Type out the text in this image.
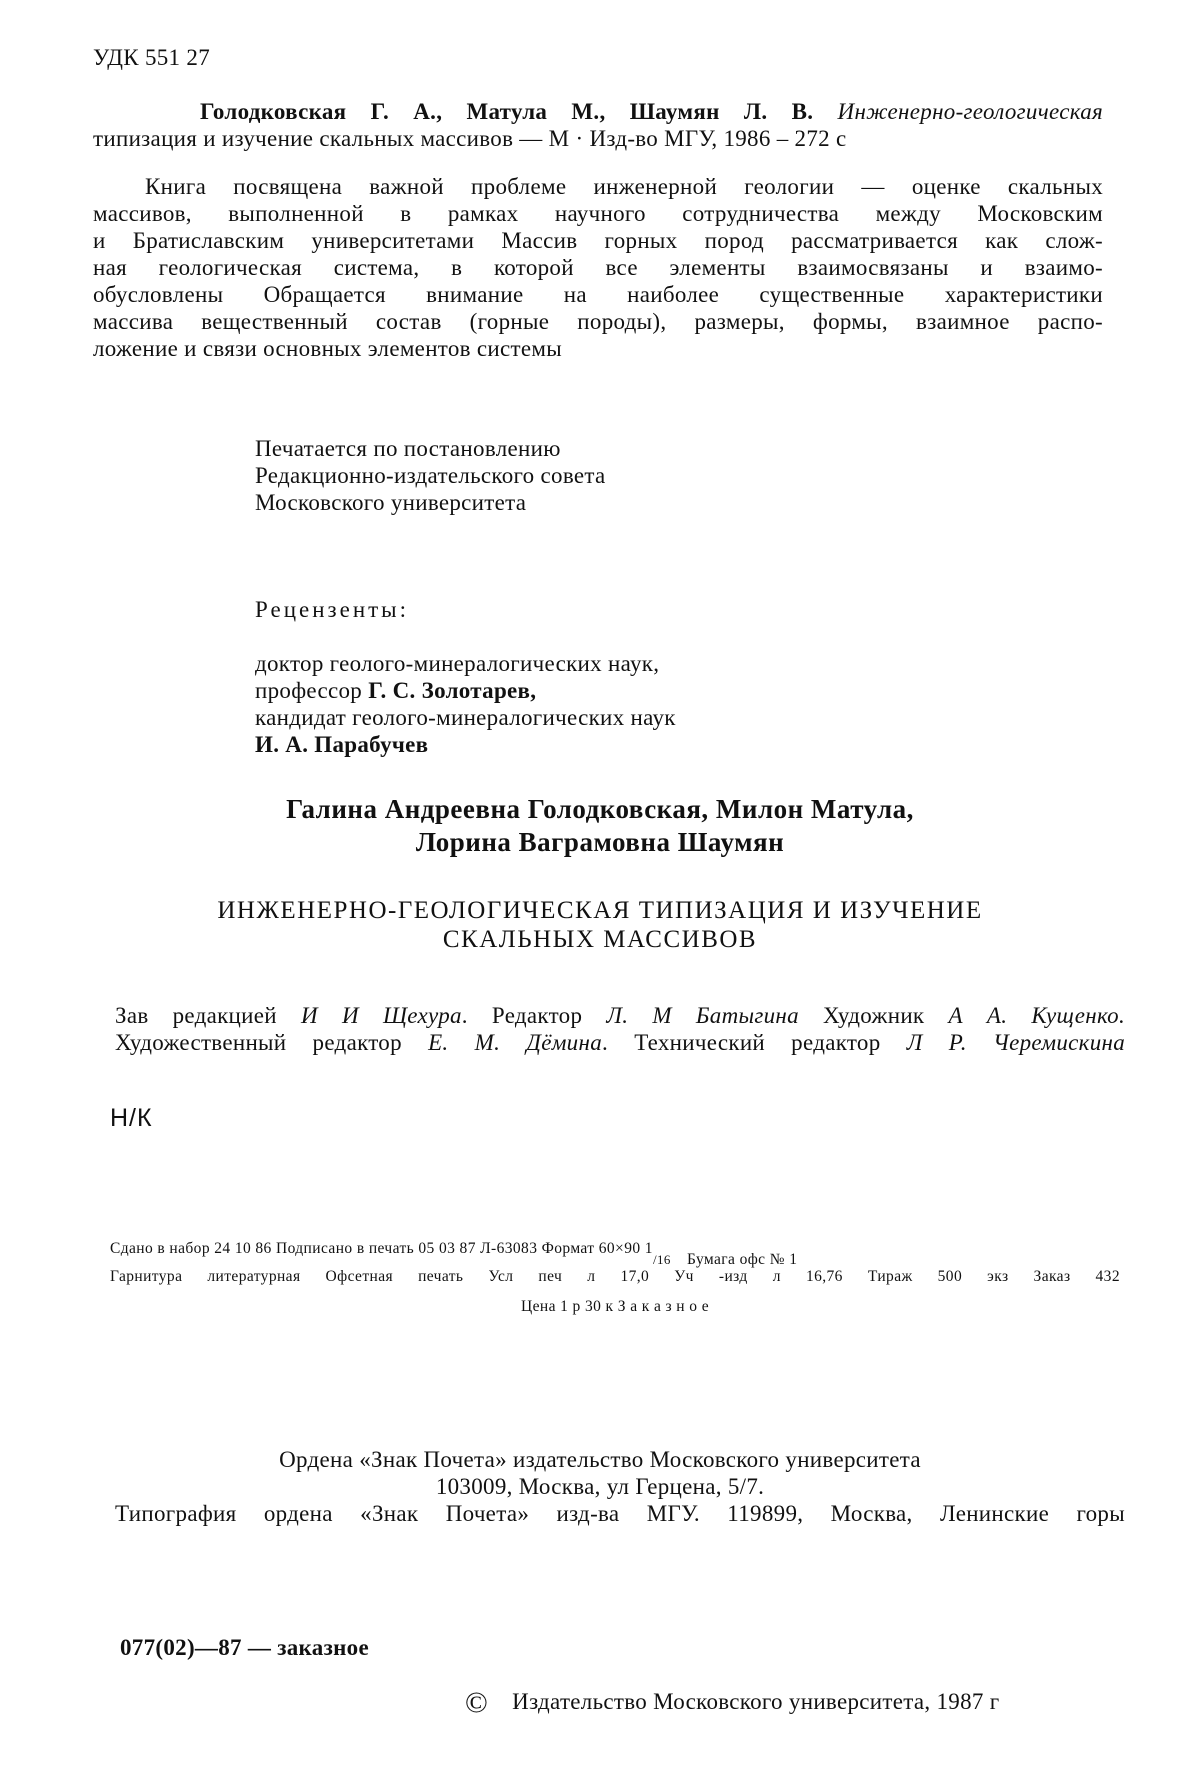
УДК 551 27
Голодковская Г. А., Матула М., Шаумян Л. В. Инженерно-геологическая
типизация и изучение скальных массивов — М · Изд-во МГУ, 1986 – 272 с
Книга посвящена важной проблеме инженерной геологии — оценке скальных
массивов, выполненной в рамках научного сотрудничества между Московским
и Братиславским университетами Массив горных пород рассматривается как слож-
ная геологическая система, в которой все элементы взаимосвязаны и взаимо-
обусловлены Обращается внимание на наиболее существенные характеристики
массива вещественный состав (горные породы), размеры, формы, взаимное распо-
ложение и связи основных элементов системы
Печатается по постановлению
Редакционно-издательского совета
Московского университета
Рецензенты:
доктор геолого-минералогических наук,
профессор Г. С. Золотарев,
кандидат геолого-минералогических наук
И. А. Парабучев
Галина Андреевна Голодковская, Милон Матула,
Лорина Ваграмовна Шаумян
ИНЖЕНЕРНО-ГЕОЛОГИЧЕСКАЯ ТИПИЗАЦИЯ И ИЗУЧЕНИЕ
СКАЛЬНЫХ МАССИВОВ
Зав редакцией И И Щехура. Редактор Л. М Батыгина Художник А А. Кущенко.
Художественный редактор Е. М. Дёмина. Технический редактор Л Р. Черемискина
Н/К
Сдано в набор 24 10 86 Подписано в печать 05 03 87 Л-63083 Формат 60×90 1/16 Бумага офс № 1
Гарнитура литературная Офсетная печать Усл печ л 17,0 Уч -изд л 16,76 Тираж 500 экз Заказ 432
Цена 1 р 30 к З а к а з н о е
Ордена «Знак Почета» издательство Московского университета
103009, Москва, ул Герцена, 5/7.
Типография ордена «Знак Почета» изд-ва МГУ. 119899, Москва, Ленинские горы
077(02)—87 — заказное
© Издательство Московского университета, 1987 г
